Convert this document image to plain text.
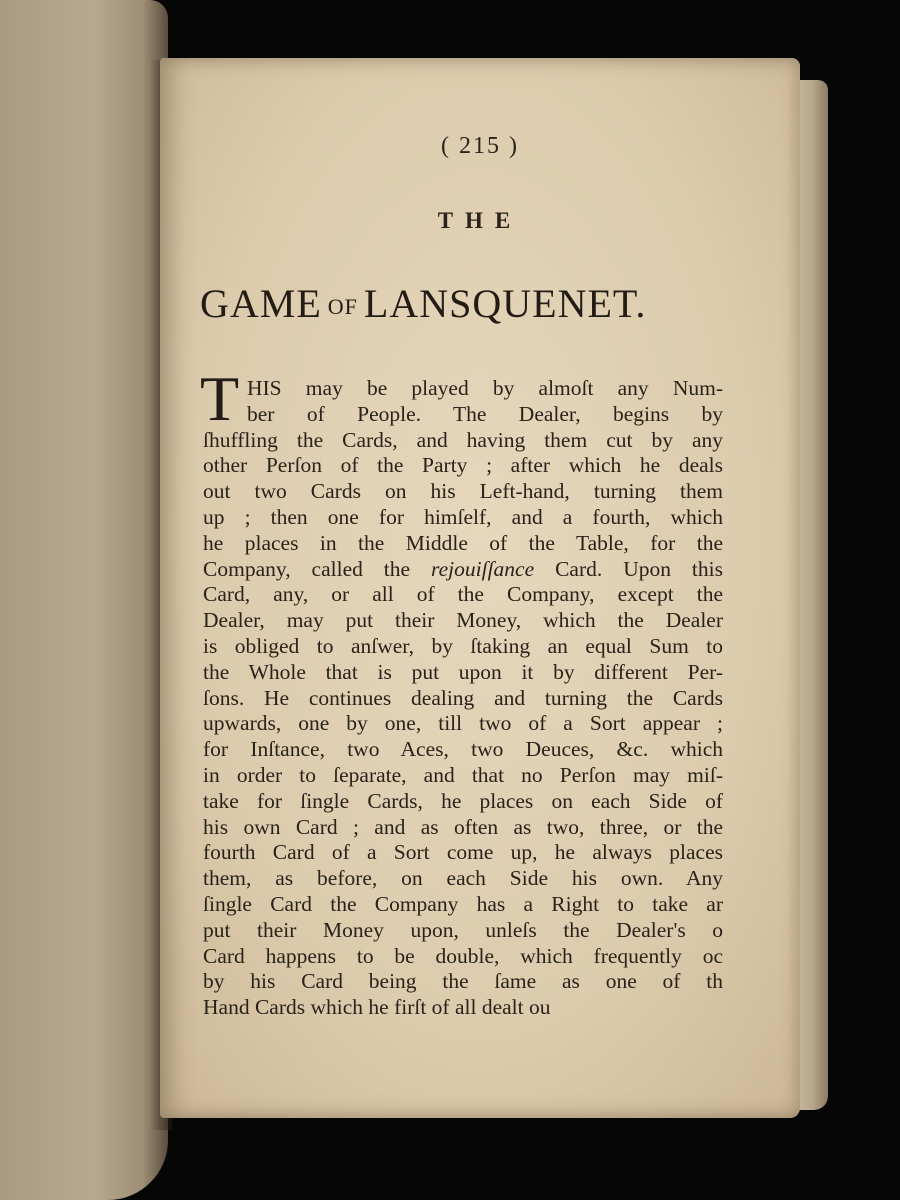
( 215 )
THE
GAME OF LANSQUENET.
T HIS may be played by almoſt any Num-
ber of People. The Dealer, begins by
ſhuffling the Cards, and having them cut by any
other Perſon of the Party ; after which he deals
out two Cards on his Left-hand, turning them
up ; then one for himſelf, and a fourth, which
he places in the Middle of the Table, for the
Company, called the rejouiſſance Card. Upon this
Card, any, or all of the Company, except the
Dealer, may put their Money, which the Dealer
is obliged to anſwer, by ſtaking an equal Sum to
the Whole that is put upon it by different Per-
ſons. He continues dealing and turning the Cards
upwards, one by one, till two of a Sort appear ;
for Inſtance, two Aces, two Deuces, &c. which
in order to ſeparate, and that no Perſon may miſ-
take for ſingle Cards, he places on each Side of
his own Card ; and as often as two, three, or the
fourth Card of a Sort come up, he always places
them, as before, on each Side his own. Any
ſingle Card the Company has a Right to take ar
put their Money upon, unleſs the Dealer's o
Card happens to be double, which frequently oc
by his Card being the ſame as one of th
Hand Cards which he firſt of all dealt ou
